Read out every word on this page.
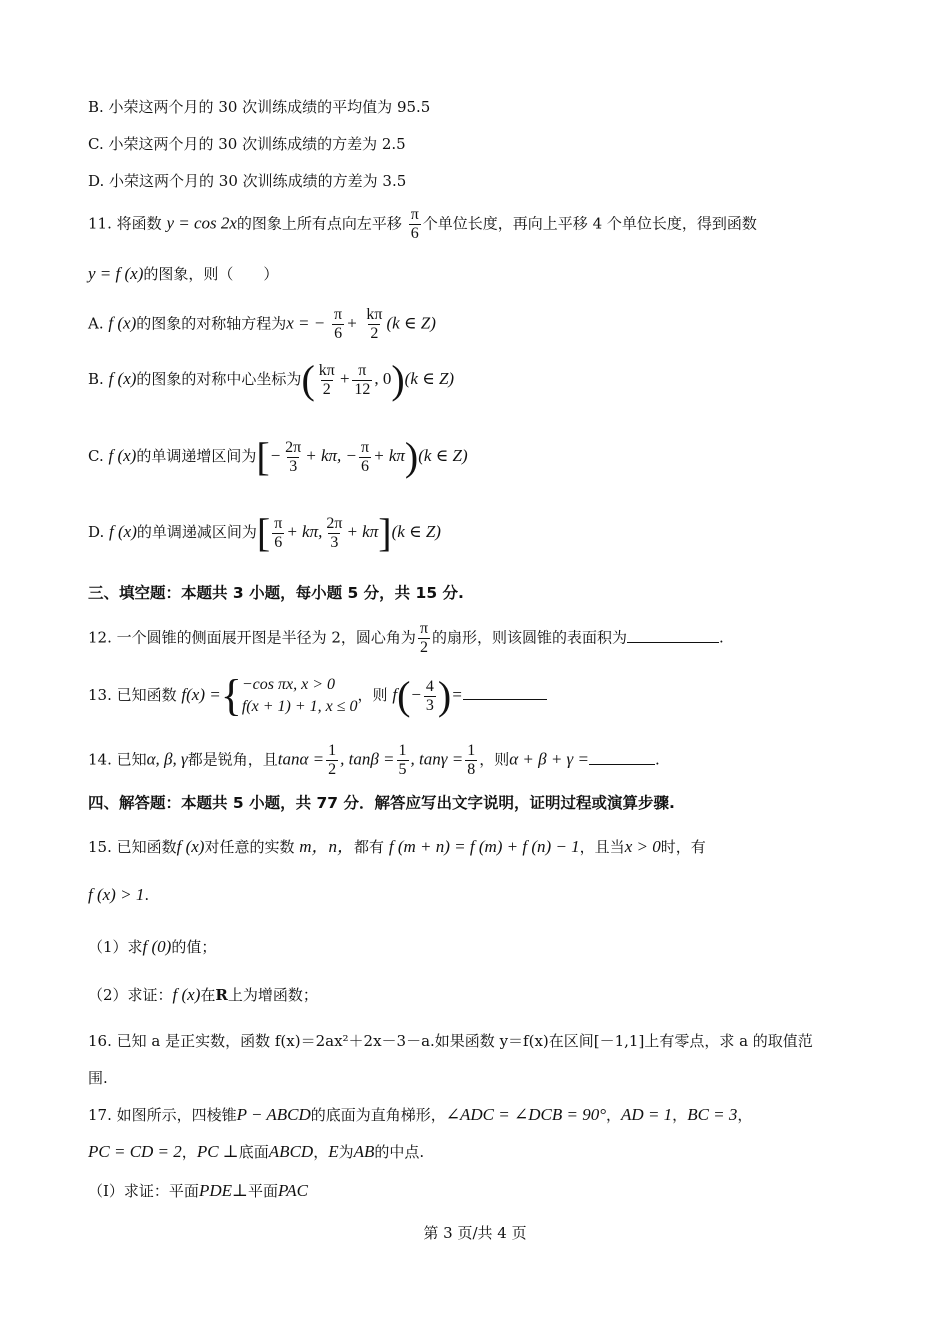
B. 小荣这两个月的 30 次训练成绩的平均值为 95.5
C. 小荣这两个月的 30 次训练成绩的方差为 2.5
D. 小荣这两个月的 30 次训练成绩的方差为 3.5
11. 将函数 y = cos 2x的图象上所有点向左平移 $\frac{\pi}{6}$ 个单位长度，再向上平移 4 个单位长度，得到函数
y = f (x)的图象，则（　　）
A. f (x)的图象的对称轴方程为x = − $\frac{\pi}{6} + \frac{k\pi}{2} (k$ ∈ Z)
B. f (x)的图象的对称中心坐标为( $\frac{k\pi}{2} + \frac{\pi}{12}$ , 0)(k ∈ Z)
C. f (x)的单调递增区间为[− $\frac{2\pi}{3} + k\pi$, − $\frac{\pi}{6} + k\pi)(k$ ∈ Z)
D. f (x)的单调递减区间为[ $\frac{\pi}{6} + k\pi$, $\frac{2\pi}{3} + k\pi](k$ ∈ Z)
三、填空题：本题共 3 小题，每小题 5 分，共 15 分.
12. 一个圆锥的侧面展开图是半径为 2，圆心角为 $\frac{\pi}{2}$ 的扇形，则该圆锥的表面积为	.
13. 已知函数 f(x) ={ −cos πx, x > 0
f(x + 1) + 1, x ≤ 0
，则 $f(- \frac{4}{3}$ )=
14. 已知α, β, γ都是锐角，且$\tan\alpha = \frac{1}{2}$ , $\tan\beta = \frac{1}{5}$ , $\tan\gamma = \frac{1}{8}$ ，则α + β + γ =	.
四、解答题：本题共 5 小题，共 77 分．解答应写出文字说明，证明过程或演算步骤.
15. 已知函数f (x)对任意的实数 m，n，都有 f (m + n) = f (m) + f (n) − 1，且当x > 0时，有
f (x) > 1.
（1）求f (0)的值；
（2）求证：f (x)在R上为增函数；
16. 已知 a 是正实数，函数 f(x)＝2ax²＋2x－3－a.如果函数 y＝f(x)在区间[－1,1]上有零点，求 a 的取值范
围.
17. 如图所示，四棱锥P − ABCD的底面为直角梯形，∠ADC = ∠DCB = 90°，AD = 1，BC = 3，
PC = CD = 2，PC ⊥底面ABCD，E为AB的中点.
（Ⅰ）求证：平面PDE⊥平面PAC
第 3 页/共 4 页
